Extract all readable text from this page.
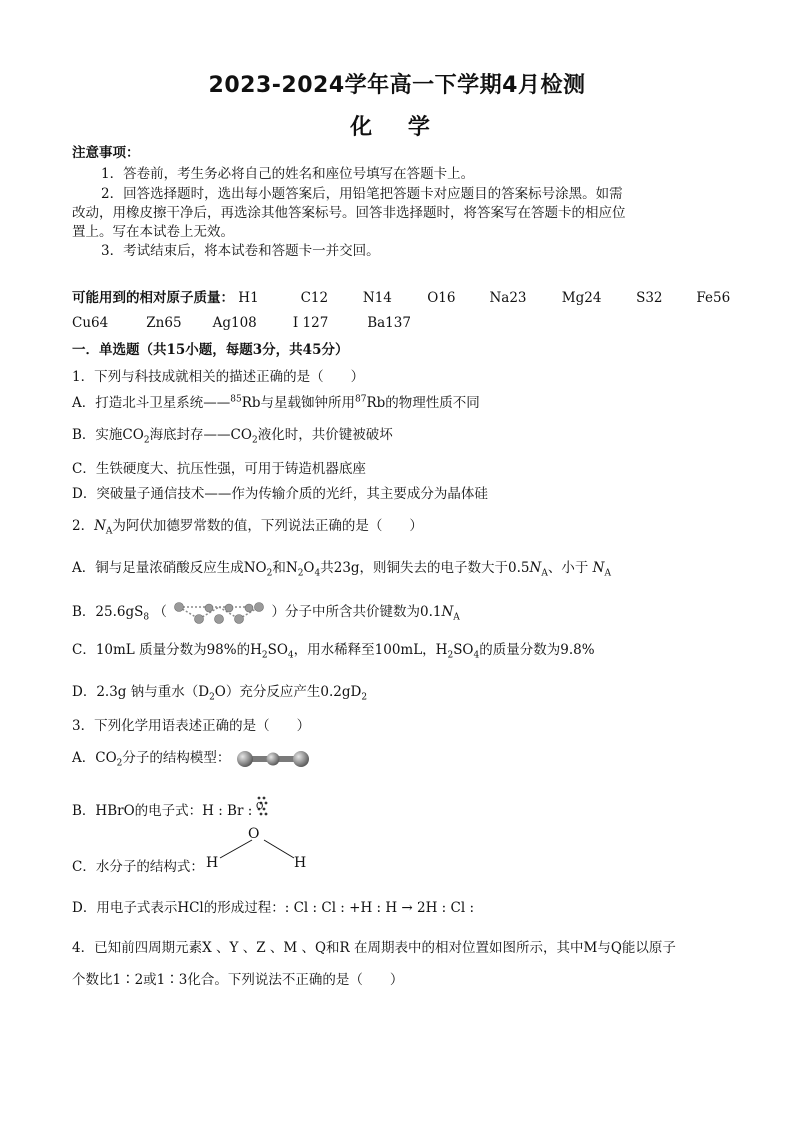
2023-2024学年高一下学期4月检测
化 学
注意事项：
1．答卷前，考生务必将自己的姓名和座位号填写在答题卡上。
2．回答选择题时，选出每小题答案后，用铅笔把答题卡对应题目的答案标号涂黑。如需
改动，用橡皮擦干净后，再选涂其他答案标号。回答非选择题时，将答案写在答题卡的相应位
置上。写在本试卷上无效。
3．考试结束后，将本试卷和答题卡一并交回。
可能用到的相对原子质量： H1	C12	N14	O16	Na23	Mg24	S32	Fe56
Cu64	Zn65 Ag108	I 127	Ba137
一．单选题（共15小题，每题3分，共45分）
1．下列与科技成就相关的描述正确的是（　　）
A．打造北斗卫星系统——$^{85}$Rb与星载铷钟所用$^{87}$Rb的物理性质不同
B．实施$CO_2$海底封存$——CO_2$液化时，共价键被破坏
C．生铁硬度大、抗压性强，可用于铸造机器底座
D．突破量子通信技术——作为传输介质的光纤，其主要成分为晶体硅
2．$N_A$为阿伏加德罗常数的值，下列说法正确的是（　　）
A．铜与足量浓硝酸反应生成$NO_2$和$N_2O_4$共23g，则铜失去的电子数大于$0.5N_A$、小于 $N_A$
B．$25.6gS_8$ （	）分子中所含共价键数为$0.1N_A$
C．10mL 质量分数为98%的$H_2SO_4$，用水稀释至100mL，$H_2SO_4$的质量分数为9.8%
D．2.3g 钠与重水$(D_2O)$充分反应产生$0.2gD_2$
3．下列化学用语表述正确的是（　　）
A．$CO_2$分子的结构模型：
B．HBrO的电子式：H : Br : O
C．水分子的结构式：
O
H	H
D．用电子式表示HCl的形成过程：: Cl : Cl : +H : H → 2H : Cl :
4．已知前四周期元素X 、Y 、Z 、M 、Q和R 在周期表中的相对位置如图所示，其中M与Q能以原子
个数比1∶2或1∶3化合。下列说法不正确的是（　　）
